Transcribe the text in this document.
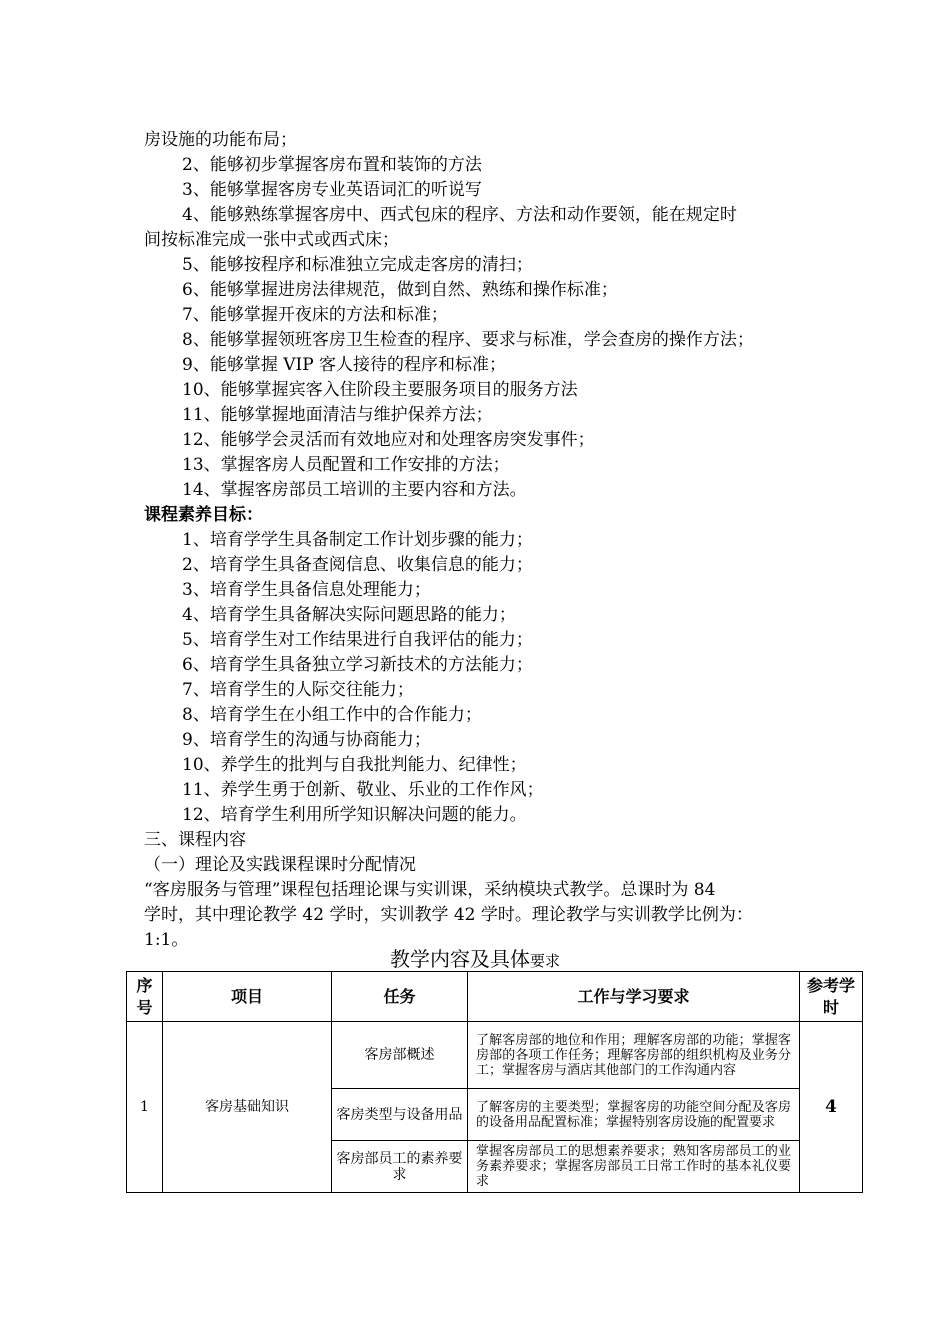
房设施的功能布局；
2、能够初步掌握客房布置和装饰的方法
3、能够掌握客房专业英语词汇的听说写
4、能够熟练掌握客房中、西式包床的程序、方法和动作要领，能在规定时
间按标准完成一张中式或西式床；
5、能够按程序和标准独立完成走客房的清扫；
6、能够掌握进房法律规范，做到自然、熟练和操作标准；
7、能够掌握开夜床的方法和标准；
8、能够掌握领班客房卫生检查的程序、要求与标准，学会查房的操作方法；
9、能够掌握 VIP 客人接待的程序和标准；
10、能够掌握宾客入住阶段主要服务项目的服务方法
11、能够掌握地面清洁与维护保养方法；
12、能够学会灵活而有效地应对和处理客房突发事件；
13、掌握客房人员配置和工作安排的方法；
14、掌握客房部员工培训的主要内容和方法。
课程素养目标：
1、培育学学生具备制定工作计划步骤的能力；
2、培育学生具备查阅信息、收集信息的能力；
3、培育学生具备信息处理能力；
4、培育学生具备解决实际问题思路的能力；
5、培育学生对工作结果进行自我评估的能力；
6、培育学生具备独立学习新技术的方法能力；
7、培育学生的人际交往能力；
8、培育学生在小组工作中的合作能力；
9、培育学生的沟通与协商能力；
10、养学生的批判与自我批判能力、纪律性；
11、养学生勇于创新、敬业、乐业的工作作风；
12、培育学生利用所学知识解决问题的能力。
三、课程内容
（一）理论及实践课程课时分配情况
“客房服务与管理”课程包括理论课与实训课，采纳模块式教学。总课时为 84
学时，其中理论教学 42 学时，实训教学 42 学时。理论教学与实训教学比例为：
1:1。
教学内容及具体要求
序号	项目	任务	工作与学习要求	参考学时
1	客房基础知识	客房部概述	了解客房部的地位和作用；理解客房部的功能；掌握客房部的各项工作任务；理解客房部的组织机构及业务分工；掌握客房与酒店其他部门的工作沟通内容	4
		客房类型与设备用品	了解客房的主要类型；掌握客房的功能空间分配及客房的设备用品配置标准；掌握特别客房设施的配置要求	
		客房部员工的素养要求	掌握客房部员工的思想素养要求；熟知客房部员工的业务素养要求；掌握客房部员工日常工作时的基本礼仪要求	
